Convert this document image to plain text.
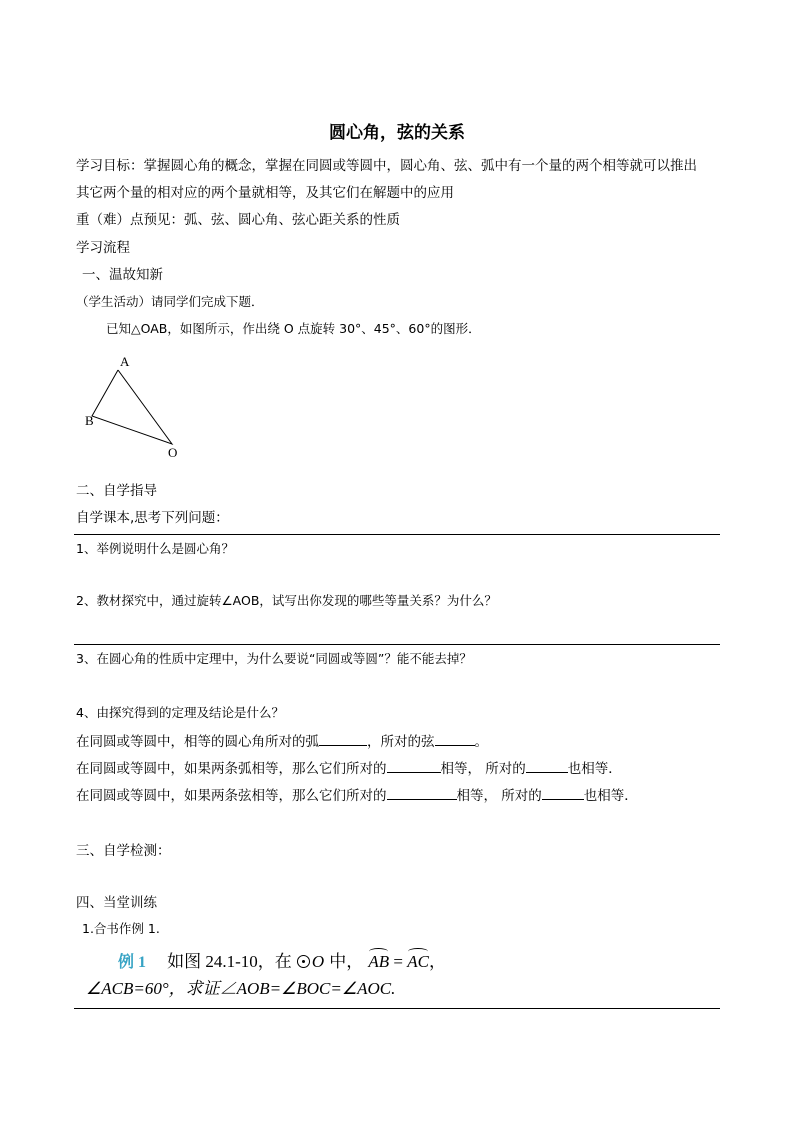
圆心角，弦的关系
学习目标：掌握圆心角的概念，掌握在同圆或等圆中，圆心角、弦、弧中有一个量的两个相等就可以推出
其它两个量的相对应的两个量就相等，及其它们在解题中的应用
重（难）点预见：弧、弦、圆心角、弦心距关系的性质
学习流程
一、温故知新
（学生活动）请同学们完成下题．
已知△OAB，如图所示，作出绕 O 点旋转 30°、45°、60°的图形．
A
B
O
二、自学指导
自学课本,思考下列问题：
1、举例说明什么是圆心角？
2、教材探究中，通过旋转∠AOB，试写出你发现的哪些等量关系？为什么？
3、在圆心角的性质中定理中，为什么要说“同圆或等圆”？能不能去掉？
4、由探究得到的定理及结论是什么？
在同圆或等圆中，相等的圆心角所对的弧	，所对的弦	。
在同圆或等圆中，如果两条弧相等，那么它们所对的	相等， 所对的	也相等．
在同圆或等圆中，如果两条弦相等，那么它们所对的	相等， 所对的	也相等．
三、自学检测：
四、当堂训练
1.合书作例 1.
例 1 如图 24.1-10，在 O 中， AB = AC，
∠ACB=60°，求证∠AOB=∠BOC=∠AOC.
